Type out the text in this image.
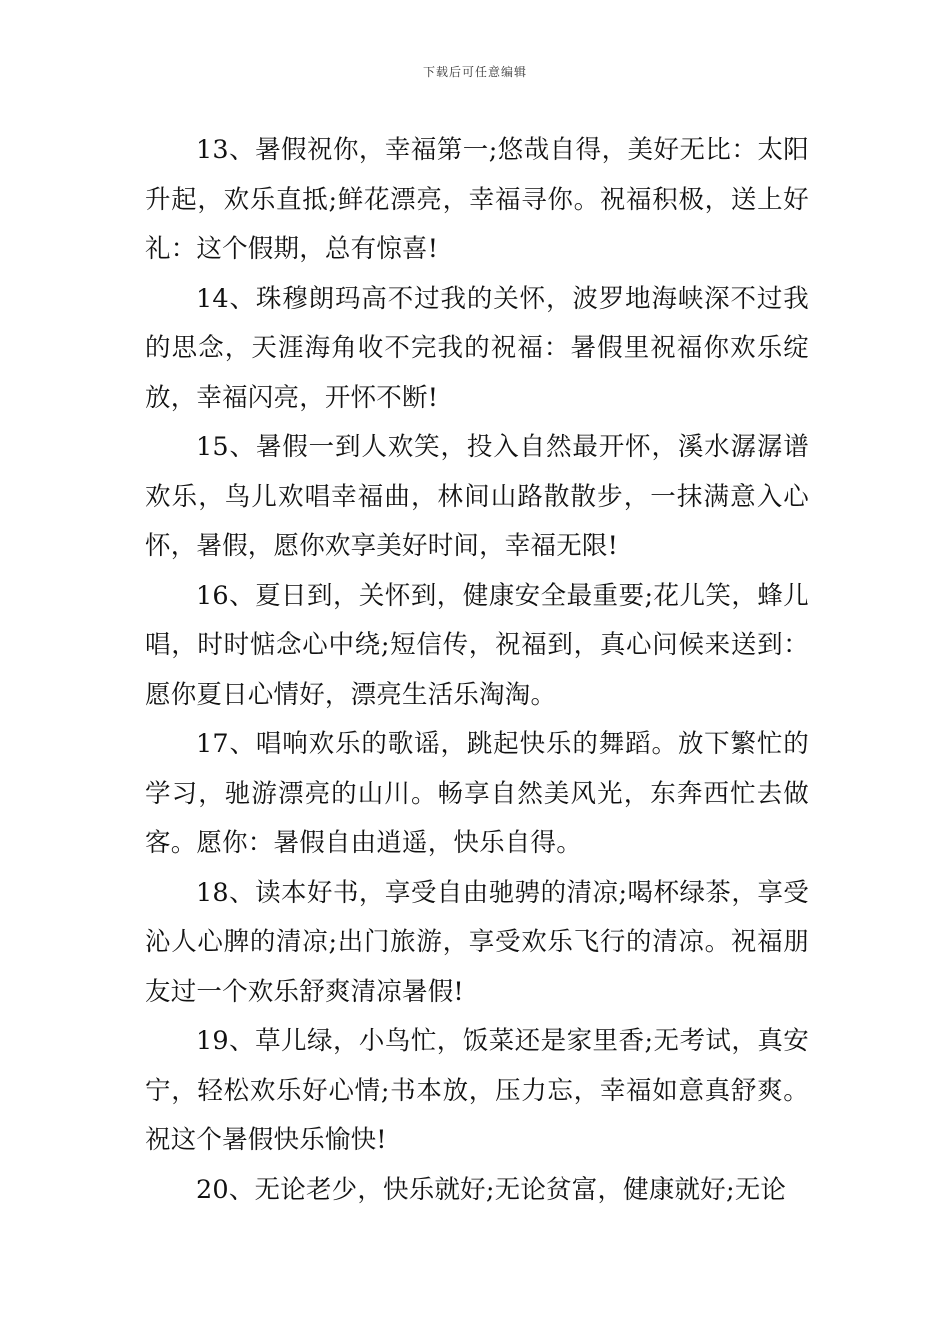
下载后可任意编辑

13、暑假祝你，幸福第一;悠哉自得，美好无比：太阳升起，欢乐直抵;鲜花漂亮，幸福寻你。祝福积极，送上好礼：这个假期，总有惊喜!

14、珠穆朗玛高不过我的关怀，波罗地海峡深不过我的思念，天涯海角收不完我的祝福：暑假里祝福你欢乐绽放，幸福闪亮，开怀不断!

15、暑假一到人欢笑，投入自然最开怀，溪水潺潺谱欢乐，鸟儿欢唱幸福曲，林间山路散散步，一抹满意入心怀，暑假，愿你欢享美好时间，幸福无限!

16、夏日到，关怀到，健康安全最重要;花儿笑，蜂儿唱，时时惦念心中绕;短信传，祝福到，真心问候来送到：愿你夏日心情好，漂亮生活乐淘淘。

17、唱响欢乐的歌谣，跳起快乐的舞蹈。放下繁忙的学习，驰游漂亮的山川。畅享自然美风光，东奔西忙去做客。愿你：暑假自由逍遥，快乐自得。

18、读本好书，享受自由驰骋的清凉;喝杯绿茶，享受沁人心脾的清凉;出门旅游，享受欢乐飞行的清凉。祝福朋友过一个欢乐舒爽清凉暑假!

19、草儿绿，小鸟忙，饭菜还是家里香;无考试，真安宁，轻松欢乐好心情;书本放，压力忘，幸福如意真舒爽。祝这个暑假快乐愉快!

20、无论老少，快乐就好;无论贫富，健康就好;无论
